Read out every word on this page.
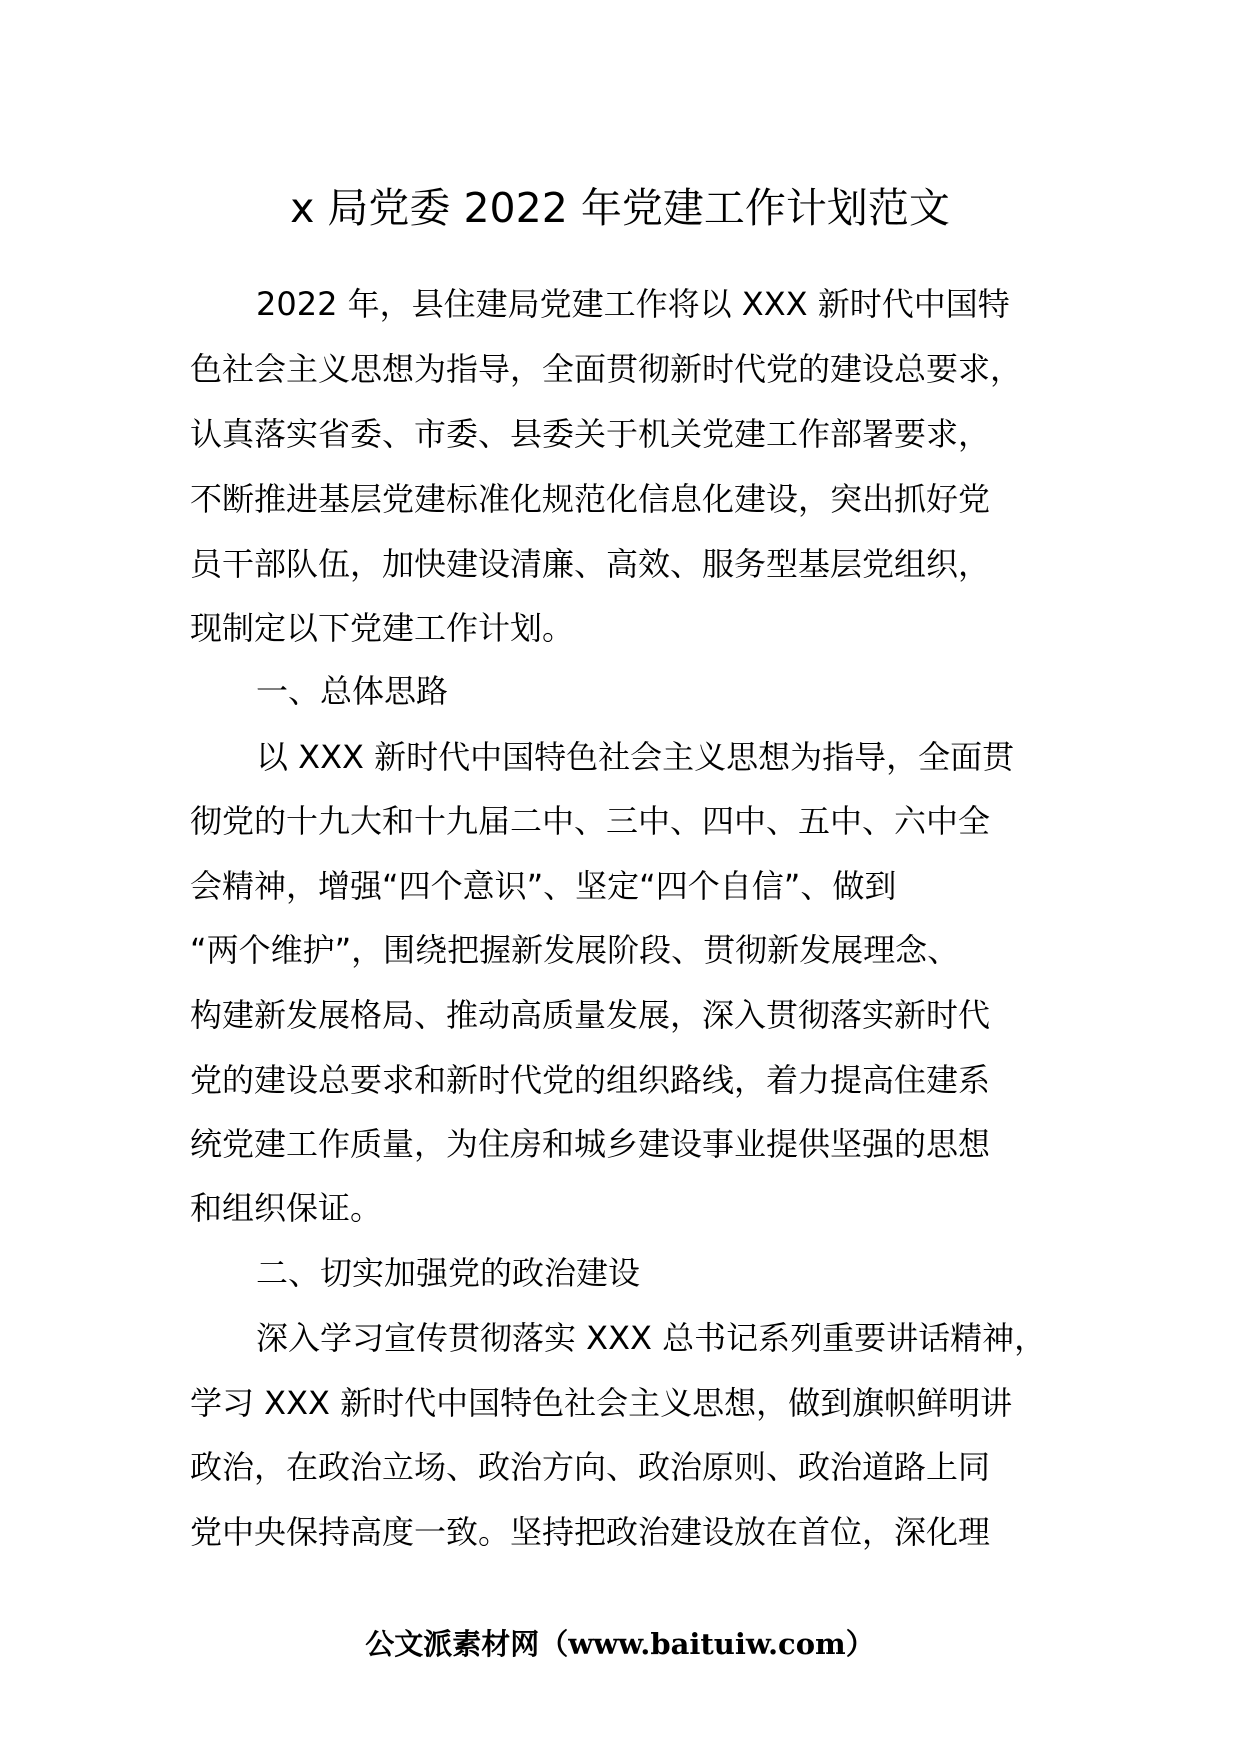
x 局党委 2022 年党建工作计划范文

2022 年，县住建局党建工作将以 XXX 新时代中国特

色社会主义思想为指导，全面贯彻新时代党的建设总要求，

认真落实省委、市委、县委关于机关党建工作部署要求，

不断推进基层党建标准化规范化信息化建设，突出抓好党

员干部队伍，加快建设清廉、高效、服务型基层党组织，

现制定以下党建工作计划。

一、总体思路

以 XXX 新时代中国特色社会主义思想为指导，全面贯

彻党的十九大和十九届二中、三中、四中、五中、六中全

会精神，增强“四个意识”、坚定“四个自信”、做到

“两个维护”，围绕把握新发展阶段、贯彻新发展理念、

构建新发展格局、推动高质量发展，深入贯彻落实新时代

党的建设总要求和新时代党的组织路线，着力提高住建系

统党建工作质量，为住房和城乡建设事业提供坚强的思想

和组织保证。

二、切实加强党的政治建设

深入学习宣传贯彻落实 XXX 总书记系列重要讲话精神，

学习 XXX 新时代中国特色社会主义思想，做到旗帜鲜明讲

政治，在政治立场、政治方向、政治原则、政治道路上同

党中央保持高度一致。坚持把政治建设放在首位，深化理

公文派素材网（www.baituiw.com）
